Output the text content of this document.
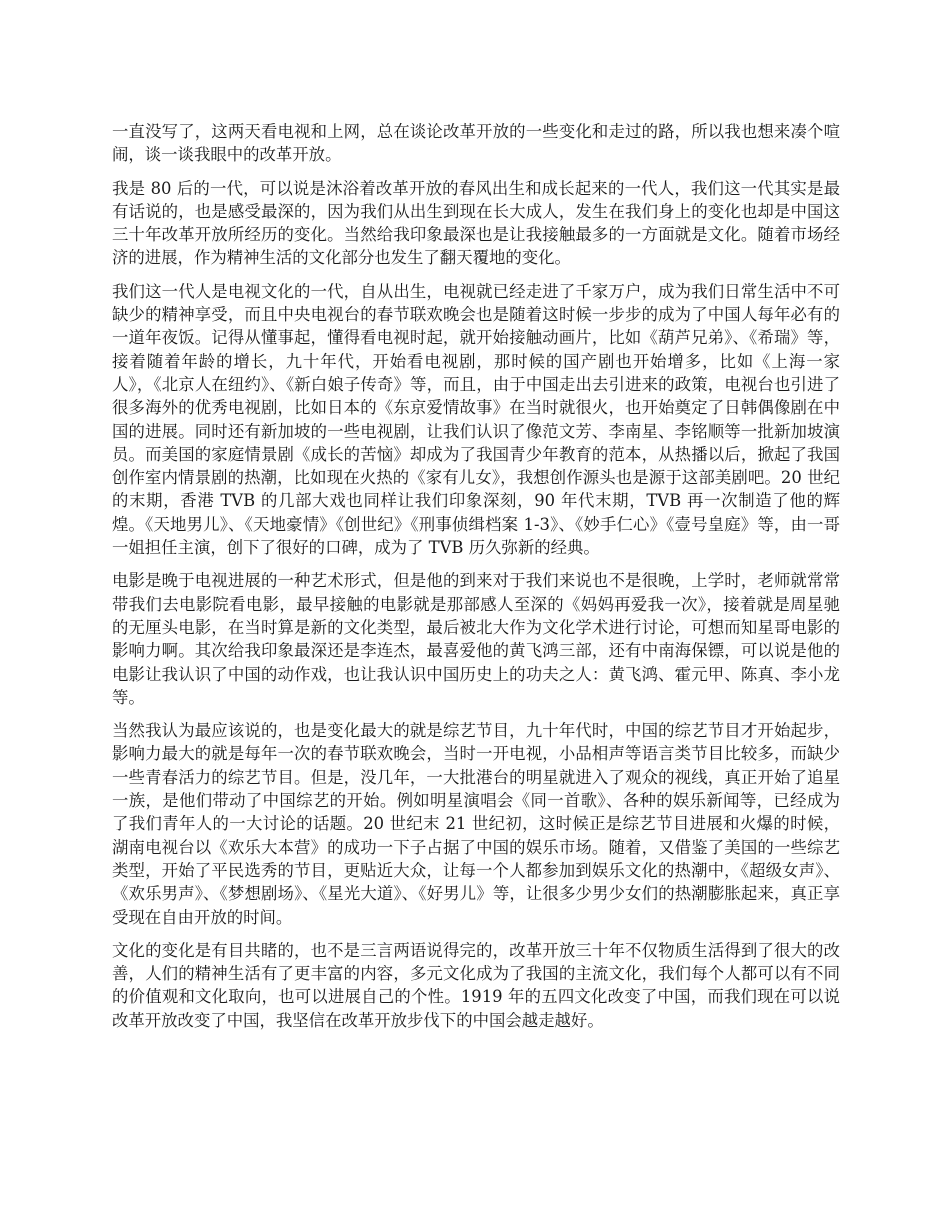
一直没写了，这两天看电视和上网，总在谈论改革开放的一些变化和走过的路，所以我也想来凑个喧闹，谈一谈我眼中的改革开放。

我是 80 后的一代，可以说是沐浴着改革开放的春风出生和成长起来的一代人，我们这一代其实是最有话说的，也是感受最深的，因为我们从出生到现在长大成人，发生在我们身上的变化也却是中国这三十年改革开放所经历的变化。当然给我印象最深也是让我接触最多的一方面就是文化。随着市场经济的进展，作为精神生活的文化部分也发生了翻天覆地的变化。

我们这一代人是电视文化的一代，自从出生，电视就已经走进了千家万户，成为我们日常生活中不可缺少的精神享受，而且中央电视台的春节联欢晚会也是随着这时候一步步的成为了中国人每年必有的一道年夜饭。记得从懂事起，懂得看电视时起，就开始接触动画片，比如《葫芦兄弟》、《希瑞》等，接着随着年龄的增长，九十年代，开始看电视剧，那时候的国产剧也开始增多，比如《上海一家人》，《北京人在纽约》、《新白娘子传奇》等，而且，由于中国走出去引进来的政策，电视台也引进了很多海外的优秀电视剧，比如日本的《东京爱情故事》在当时就很火，也开始奠定了日韩偶像剧在中国的进展。同时还有新加坡的一些电视剧，让我们认识了像范文芳、李南星、李铭顺等一批新加坡演员。而美国的家庭情景剧《成长的苦恼》却成为了我国青少年教育的范本，从热播以后，掀起了我国创作室内情景剧的热潮，比如现在火热的《家有儿女》，我想创作源头也是源于这部美剧吧。20 世纪的末期，香港 TVB 的几部大戏也同样让我们印象深刻，90 年代末期，TVB 再一次制造了他的辉煌。《天地男儿》、《天地豪情》《创世纪》《刑事侦缉档案 1-3》、《妙手仁心》《壹号皇庭》等，由一哥一姐担任主演，创下了很好的口碑，成为了 TVB 历久弥新的经典。

电影是晚于电视进展的一种艺术形式，但是他的到来对于我们来说也不是很晚，上学时，老师就常常带我们去电影院看电影，最早接触的电影就是那部感人至深的《妈妈再爱我一次》，接着就是周星驰的无厘头电影，在当时算是新的文化类型，最后被北大作为文化学术进行讨论，可想而知星哥电影的影响力啊。其次给我印象最深还是李连杰，最喜爱他的黄飞鸿三部，还有中南海保镖，可以说是他的电影让我认识了中国的动作戏，也让我认识中国历史上的功夫之人：黄飞鸿、霍元甲、陈真、李小龙等。

当然我认为最应该说的，也是变化最大的就是综艺节目，九十年代时，中国的综艺节目才开始起步，影响力最大的就是每年一次的春节联欢晚会，当时一开电视，小品相声等语言类节目比较多，而缺少一些青春活力的综艺节目。但是，没几年，一大批港台的明星就进入了观众的视线，真正开始了追星一族，是他们带动了中国综艺的开始。例如明星演唱会《同一首歌》、各种的娱乐新闻等，已经成为了我们青年人的一大讨论的话题。20 世纪末 21 世纪初，这时候正是综艺节目进展和火爆的时候，湖南电视台以《欢乐大本营》的成功一下子占据了中国的娱乐市场。随着，又借鉴了美国的一些综艺类型，开始了平民选秀的节目，更贴近大众，让每一个人都参加到娱乐文化的热潮中，《超级女声》、《欢乐男声》、《梦想剧场》、《星光大道》、《好男儿》等，让很多少男少女们的热潮膨胀起来，真正享受现在自由开放的时间。

文化的变化是有目共睹的，也不是三言两语说得完的，改革开放三十年不仅物质生活得到了很大的改善，人们的精神生活有了更丰富的内容，多元文化成为了我国的主流文化，我们每个人都可以有不同的价值观和文化取向，也可以进展自己的个性。1919 年的五四文化改变了中国，而我们现在可以说改革开放改变了中国，我坚信在改革开放步伐下的中国会越走越好。
